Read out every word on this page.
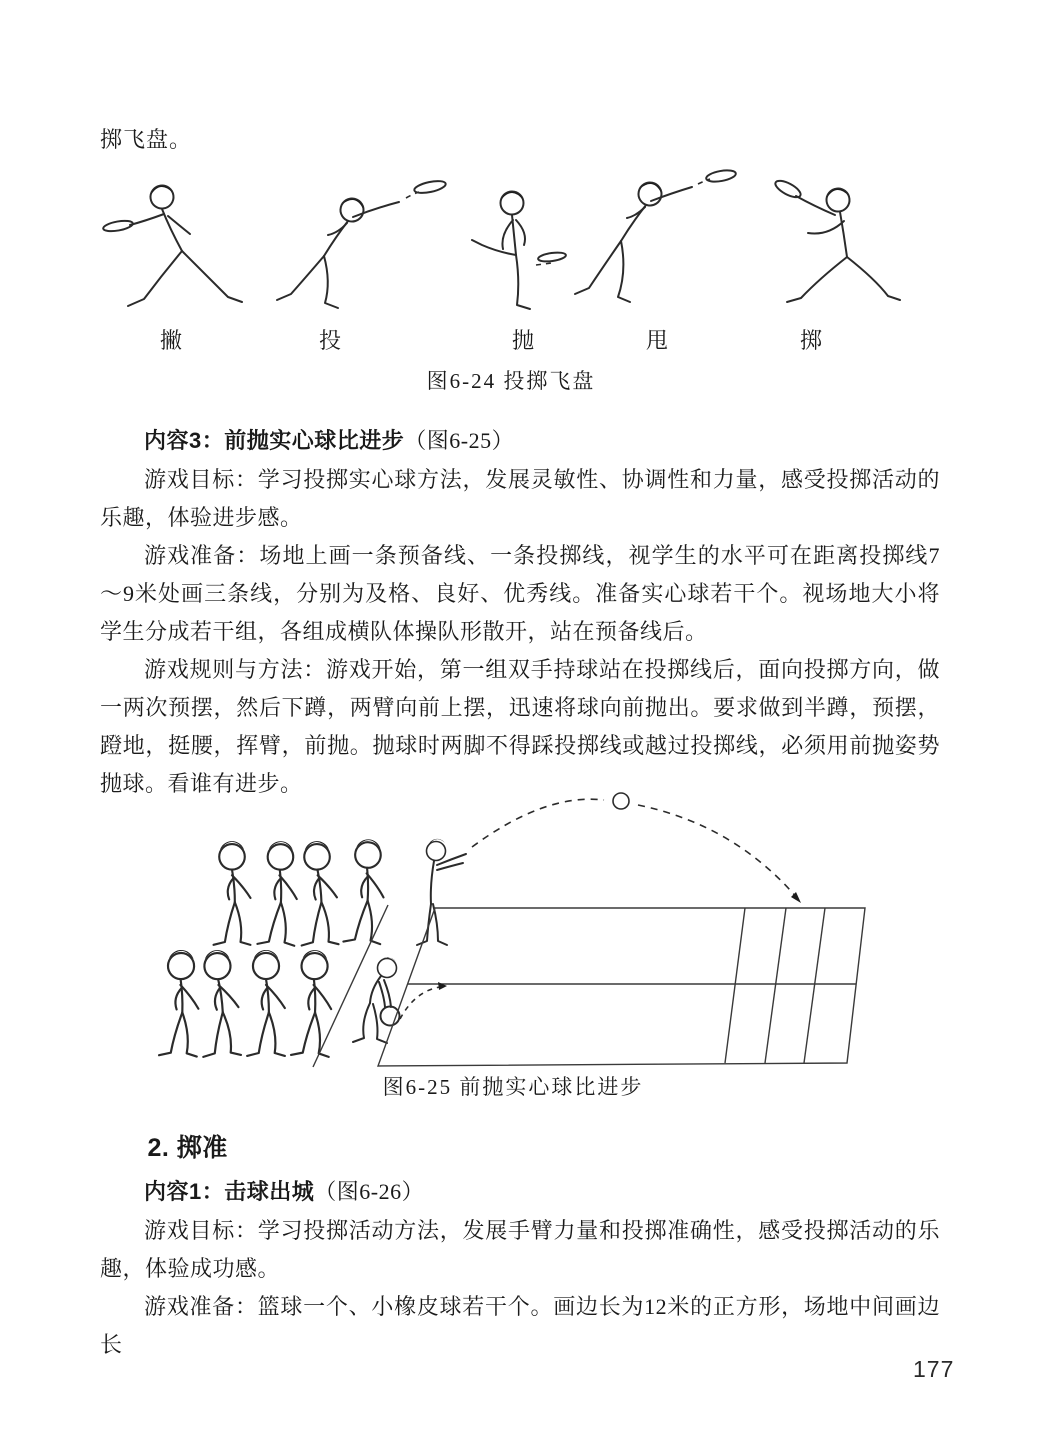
掷飞盘。
撇	投	抛	甩	掷
图6-24 投掷飞盘
内容3：前抛实心球比进步（图6-25）

游戏目标：学习投掷实心球方法，发展灵敏性、协调性和力量，感受投掷活动的乐趣，体验进步感。

游戏准备：场地上画一条预备线、一条投掷线，视学生的水平可在距离投掷线7～9米处画三条线，分别为及格、良好、优秀线。准备实心球若干个。视场地大小将学生分成若干组，各组成横队体操队形散开，站在预备线后。

游戏规则与方法：游戏开始，第一组双手持球站在投掷线后，面向投掷方向，做一两次预摆，然后下蹲，两臂向前上摆，迅速将球向前抛出。要求做到半蹲，预摆，蹬地，挺腰，挥臂，前抛。抛球时两脚不得踩投掷线或越过投掷线，必须用前抛姿势抛球。看谁有进步。

图6-25 前抛实心球比进步
2. 掷准
内容1：击球出城（图6-26）

游戏目标：学习投掷活动方法，发展手臂力量和投掷准确性，感受投掷活动的乐趣，体验成功感。

游戏准备：篮球一个、小橡皮球若干个。画边长为12米的正方形，场地中间画边长

177
